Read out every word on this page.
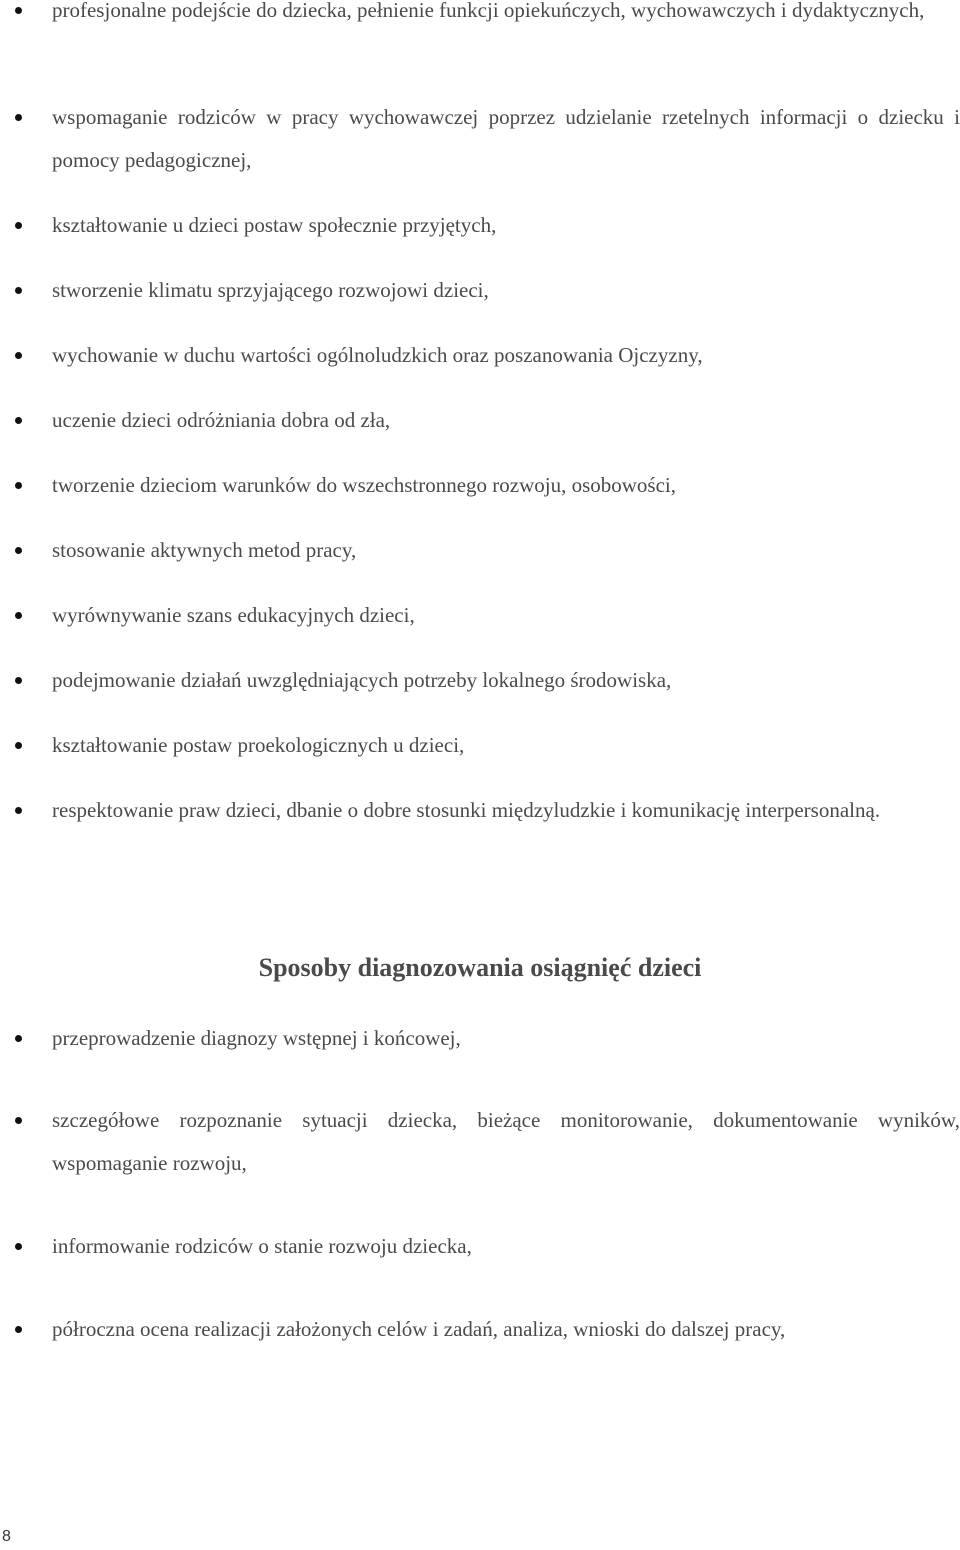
profesjonalne podejście do dziecka, pełnienie funkcji opiekuńczych, wychowawczych i dydaktycznych,
wspomaganie rodziców w pracy wychowawczej poprzez udzielanie rzetelnych informacji o dziecku i pomocy pedagogicznej,
kształtowanie u dzieci postaw społecznie przyjętych,
stworzenie klimatu sprzyjającego rozwojowi dzieci,
wychowanie w duchu wartości ogólnoludzkich oraz poszanowania Ojczyzny,
uczenie dzieci odróżniania dobra od zła,
tworzenie dzieciom warunków do wszechstronnego rozwoju, osobowości,
stosowanie aktywnych metod pracy,
wyrównywanie szans edukacyjnych dzieci,
podejmowanie działań uwzględniających potrzeby lokalnego środowiska,
kształtowanie postaw proekologicznych u dzieci,
respektowanie praw dzieci, dbanie o dobre stosunki międzyludzkie i komunikację interpersonalną.
Sposoby diagnozowania osiągnięć dzieci
przeprowadzenie diagnozy wstępnej i końcowej,
szczegółowe rozpoznanie sytuacji dziecka, bieżące monitorowanie, dokumentowanie wyników, wspomaganie rozwoju,
informowanie rodziców o stanie rozwoju dziecka,
półroczna ocena realizacji założonych celów i zadań, analiza, wnioski do dalszej pracy,
8
